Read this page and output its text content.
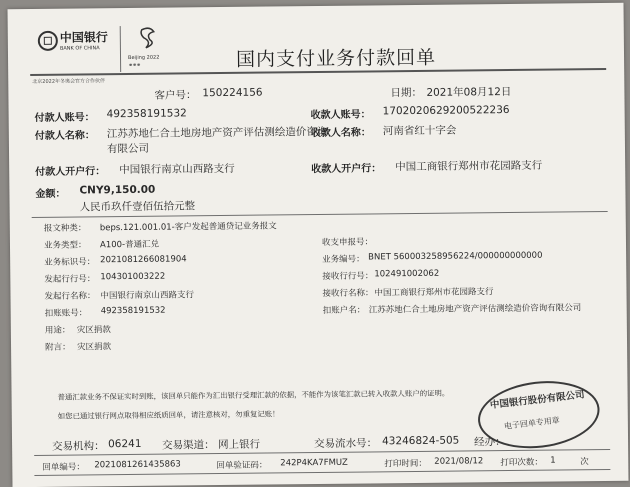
中国银行
BANK OF CHINA
Beijing 2022
⚭⚭⚭
北京2022年冬奥会官方合作伙伴
国内支付业务付款回单
客户号： 150224156	日期： 2021年08月12日
付款人账号： 492358191532	收款人账号： 1702020629200522236
付款人名称： 江苏苏地仁合土地房地产资产评估测绘造价咨询
有限公司
收款人名称： 河南省红十字会
付款人开户行： 中国银行南京山西路支行	收款人开户行： 中国工商银行郑州市花园路支行
金额： CNY9,150.00
人民币玖仟壹佰伍拾元整
报文种类： beps.121.001.01-客户发起普通贷记业务报文
业务类型： A100-普通汇兑
业务标识号： 2021081266081904
发起行行号： 104301003222
发起行名称： 中国银行南京山西路支行
扣账账号： 492358191532
用途： 灾区捐款
附言： 灾区捐款
收支申报号：
业务编号： BNET 560003258956224/000000000000
接收行行号： 102491002062
接收行名称： 中国工商银行郑州市花园路支行
扣账户名： 江苏苏地仁合土地房地产资产评估测绘造价咨询有限公司
普通汇款业务不保证实时到账，该回单只能作为汇出银行受理汇款的依据，不能作为该笔汇款已转入收款人账户的证明。
如您已通过银行网点取得相应纸质回单，请注意核对，勿重复记账！
中国银行股份有限公司
电子回单专用章
交易机构： 06241 交易渠道： 网上银行	交易流水号： 43246824-505 经办：
回单编号： 2021081261435863	回单验证码： 242P4KA7FMUZ	打印时间： 2021/08/12 打印次数： 1	次
